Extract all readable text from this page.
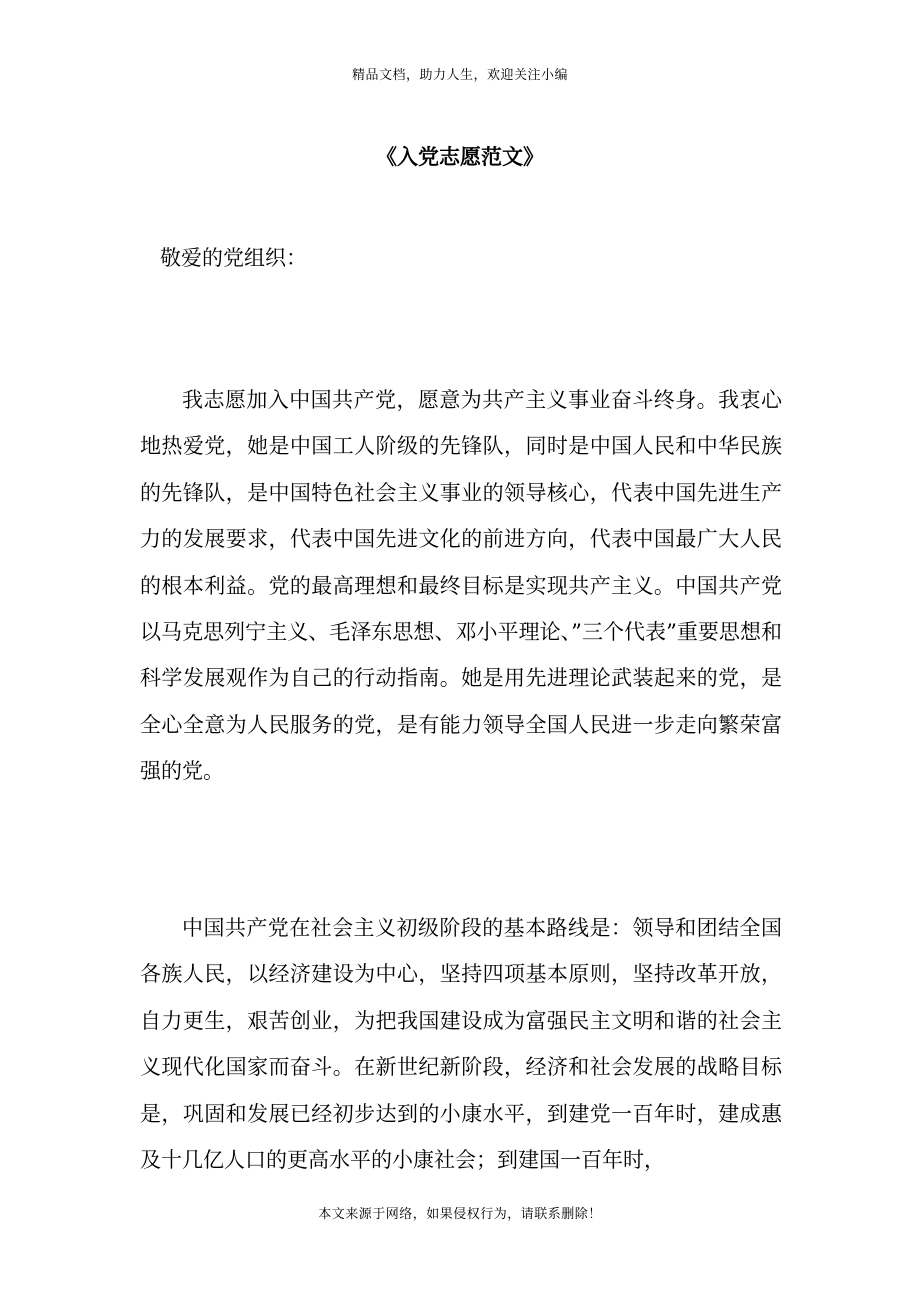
精品文档，助力人生，欢迎关注小编
《入党志愿范文》

敬爱的党组织：

我志愿加入中国共产党，愿意为共产主义事业奋斗终身。我衷心地热爱党，她是中国工人阶级的先锋队，同时是中国人民和中华民族的先锋队，是中国特色社会主义事业的领导核心，代表中国先进生产力的发展要求，代表中国先进文化的前进方向，代表中国最广大人民的根本利益。党的最高理想和最终目标是实现共产主义。中国共产党以马克思列宁主义、毛泽东思想、邓小平理论、”三个代表”重要思想和科学发展观作为自己的行动指南。她是用先进理论武装起来的党，是全心全意为人民服务的党，是有能力领导全国人民进一步走向繁荣富强的党。

中国共产党在社会主义初级阶段的基本路线是：领导和团结全国各族人民，以经济建设为中心，坚持四项基本原则，坚持改革开放，自力更生，艰苦创业，为把我国建设成为富强民主文明和谐的社会主义现代化国家而奋斗。在新世纪新阶段，经济和社会发展的战略目标是，巩固和发展已经初步达到的小康水平，到建党一百年时，建成惠及十几亿人口的更高水平的小康社会；到建国一百年时，

本文来源于网络，如果侵权行为，请联系删除！
